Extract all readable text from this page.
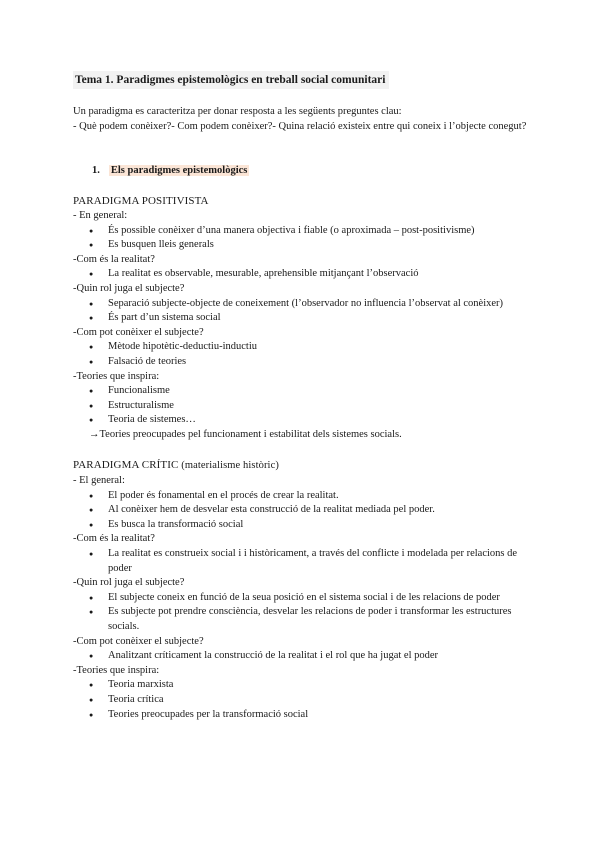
Tema 1. Paradigmes epistemològics en treball social comunitari

Un paradigma es caracteritza per donar resposta a les següents preguntes clau:

- Què podem conèixer?- Com podem conèixer?- Quina relació existeix entre qui coneix i l’objecte conegut?

1. Els paradigmes epistemològics
PARADIGMA POSITIVISTA
- En general:
● És possible conèixer d’una manera objectiva i fiable (o aproximada – post-positivisme)
● Es busquen lleis generals
-Com és la realitat?
● La realitat es observable, mesurable, aprehensible mitjançant l’observació
-Quin rol juga el subjecte?
● Separació subjecte-objecte de coneixement (l’observador no influencia l’observat al conèixer)
● És part d’un sistema social
-Com pot conèixer el subjecte?
● Mètode hipotètic-deductiu-inductiu
● Falsació de teories
-Teories que inspira:
● Funcionalisme
● Estructuralisme
● Teoria de sistemes…
→Teories preocupades pel funcionament i estabilitat dels sistemes socials.
PARADIGMA CRÍTIC (materialisme històric)
- El general:
● El poder és fonamental en el procés de crear la realitat.
● Al conèixer hem de desvelar esta construcció de la realitat mediada pel poder.
● Es busca la transformació social
-Com és la realitat?
● La realitat es construeix social i i històricament, a través del conflicte i modelada per relacions de poder
-Quin rol juga el subjecte?
● El subjecte coneix en funció de la seua posició en el sistema social i de les relacions de poder
● Es subjecte pot prendre consciència, desvelar les relacions de poder i transformar les estructures socials.
-Com pot conèixer el subjecte?
● Analitzant críticament la construcció de la realitat i el rol que ha jugat el poder
-Teories que inspira:
● Teoria marxista
● Teoria crítica
● Teories preocupades per la transformació social
